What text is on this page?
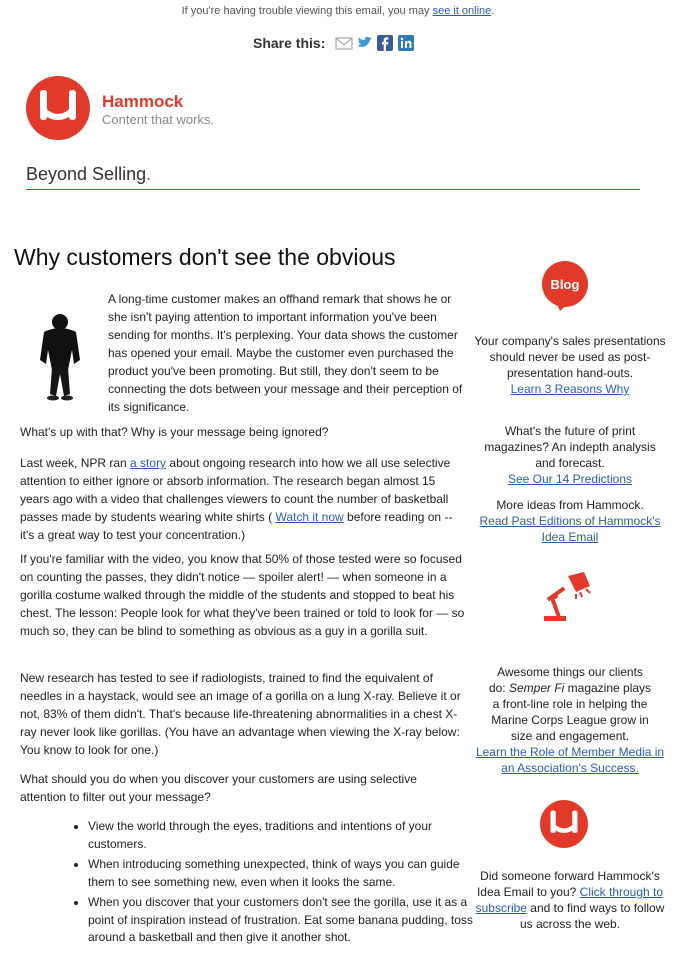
If you're having trouble viewing this email, you may see it online.
Share this:
Hammock
Content that works.
Beyond Selling.
Why customers don't see the obvious
A long-time customer makes an offhand remark that shows he or she isn't paying attention to important information you've been sending for months. It's perplexing. Your data shows the customer has opened your email. Maybe the customer even purchased the product you've been promoting. But still, they don't seem to be connecting the dots between your message and their perception of its significance.
What's up with that? Why is your message being ignored?
Last week, NPR ran a story about ongoing research into how we all use selective attention to either ignore or absorb information. The research began almost 15 years ago with a video that challenges viewers to count the number of basketball passes made by students wearing white shirts ( Watch it now before reading on -- it's a great way to test your concentration.)
If you're familiar with the video, you know that 50% of those tested were so focused on counting the passes, they didn't notice — spoiler alert! — when someone in a gorilla costume walked through the middle of the students and stopped to beat his chest. The lesson: People look for what they've been trained or told to look for — so much so, they can be blind to something as obvious as a guy in a gorilla suit.
New research has tested to see if radiologists, trained to find the equivalent of needles in a haystack, would see an image of a gorilla on a lung X-ray. Believe it or not, 83% of them didn't. That's because life-threatening abnormalities in a chest X-ray never look like gorillas. (You have an advantage when viewing the X-ray below: You know to look for one.)
What should you do when you discover your customers are using selective attention to filter out your message?
• View the world through the eyes, traditions and intentions of your customers.
• When introducing something unexpected, think of ways you can guide them to see something new, even when it looks the same.
• When you discover that your customers don't see the gorilla, use it as a point of inspiration instead of frustration. Eat some banana pudding, toss around a basketball and then give it another shot.
Blog
Your company's sales presentations should never be used as post-presentation hand-outs.
Learn 3 Reasons Why
What's the future of print magazines? An indepth analysis and forecast.
See Our 14 Predictions
More ideas from Hammock.
Read Past Editions of Hammock's Idea Email
Awesome things our clients do: Semper Fi magazine plays a front-line role in helping the Marine Corps League grow in size and engagement.
Learn the Role of Member Media in an Association's Success.
Did someone forward Hammock's Idea Email to you? Click through to subscribe and to find ways to follow us across the web.
